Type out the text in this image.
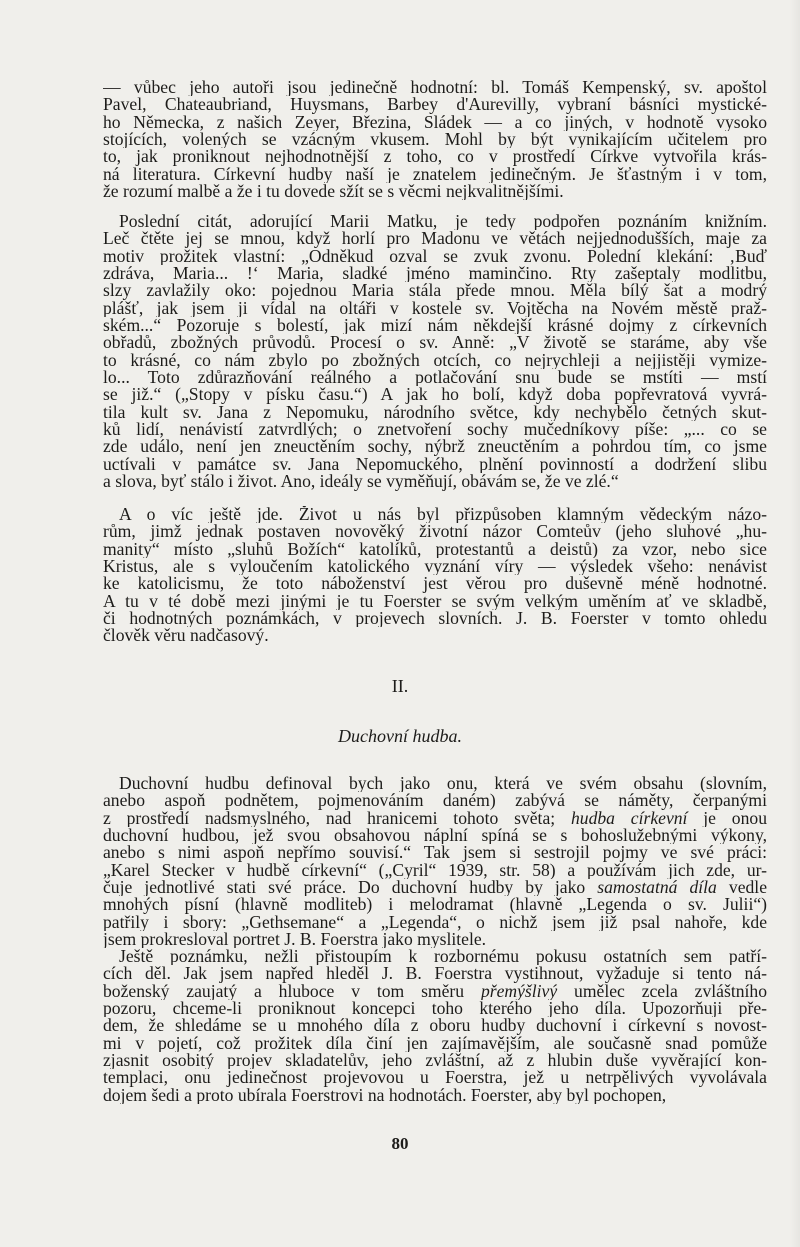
— vůbec jeho autoři jsou jedinečně hodnotní: bl. Tomáš Kempenský, sv. apoštol
Pavel, Chateaubriand, Huysmans, Barbey d'Aurevilly, vybraní básníci mystické-
ho Německa, z našich Zeyer, Březina, Sládek — a co jiných, v hodnotě vysoko
stojících, volených se vzácným vkusem. Mohl by být vynikajícím učitelem pro
to, jak proniknout nejhodnotnější z toho, co v prostředí Církve vytvořila krás-
ná literatura. Církevní hudby naší je znatelem jedinečným. Je šťastným i v tom,
že rozumí malbě a že i tu dovede sžít se s věcmi nejkvalitnějšími.
Poslední citát, adorující Marii Matku, je tedy podpořen poznáním knižním.
Leč čtěte jej se mnou, když horlí pro Madonu ve větách nejjednodušších, maje za
motiv prožitek vlastní: „Odněkud ozval se zvuk zvonu. Polední klekání: ‚Buď
zdráva, Maria... !‘ Maria, sladké jméno maminčino. Rty zašeptaly modlitbu,
slzy zavlažily oko: pojednou Maria stála přede mnou. Měla bílý šat a modrý
plášť, jak jsem ji vídal na oltáři v kostele sv. Vojtěcha na Novém městě praž-
ském...“ Pozoruje s bolestí, jak mizí nám někdejší krásné dojmy z církevních
obřadů, zbožných průvodů. Procesí o sv. Anně: „V životě se staráme, aby vše
to krásné, co nám zbylo po zbožných otcích, co nejrychleji a nejjistěji vymize-
lo... Toto zdůrazňování reálného a potlačování snu bude se mstíti — mstí
se již.“ („Stopy v písku času.“) A jak ho bolí, když doba popřevratová vyvrá-
tila kult sv. Jana z Nepomuku, národního světce, kdy nechybělo četných skut-
ků lidí, nenávistí zatvrdlých; o znetvoření sochy mučedníkovy píše: „... co se
zde událo, není jen zneuctěním sochy, nýbrž zneuctěním a pohrdou tím, co jsme
uctívali v památce sv. Jana Nepomuckého, plnění povinností a dodržení slibu
a slova, byť stálo i život. Ano, ideály se vyměňují, obávám se, že ve zlé.“
A o víc ještě jde. Život u nás byl přizpůsoben klamným vědeckým názo-
rům, jimž jednak postaven novověký životní názor Comteův (jeho sluhové „hu-
manity“ místo „sluhů Božích“ katolíků, protestantů a deistů) za vzor, nebo sice
Kristus, ale s vyloučením katolického vyznání víry — výsledek všeho: nenávist
ke katolicismu, že toto náboženství jest věrou pro duševně méně hodnotné.
A tu v té době mezi jinými je tu Foerster se svým velkým uměním ať ve skladbě,
či hodnotných poznámkách, v projevech slovních. J. B. Foerster v tomto ohledu
člověk věru nadčasový.
II.
Duchovní hudba.
Duchovní hudbu definoval bych jako onu, která ve svém obsahu (slovním,
anebo aspoň podnětem, pojmenováním daném) zabývá se náměty, čerpanými
z prostředí nadsmyslného, nad hranicemi tohoto světa; hudba církevní je onou
duchovní hudbou, jež svou obsahovou náplní spíná se s bohoslužebnými výkony,
anebo s nimi aspoň nepřímo souvisí.“ Tak jsem si sestrojil pojmy ve své práci:
„Karel Stecker v hudbě církevní“ („Cyril“ 1939, str. 58) a používám jich zde, ur-
čuje jednotlivé stati své práce. Do duchovní hudby by jako samostatná díla vedle
mnohých písní (hlavně modliteb) i melodramat (hlavně „Legenda o sv. Julii“)
patřily i sbory: „Gethsemane“ a „Legenda“, o nichž jsem již psal nahoře, kde
jsem prokresloval portret J. B. Foerstra jako myslitele.
Ještě poznámku, nežli přistoupím k rozbornému pokusu ostatních sem patří-
cích děl. Jak jsem napřed hleděl J. B. Foerstra vystihnout, vyžaduje si tento ná-
boženský zaujatý a hluboce v tom směru přemýšlivý umělec zcela zvláštního
pozoru, chceme-li proniknout koncepci toho kterého jeho díla. Upozorňuji pře-
dem, že shledáme se u mnohého díla z oboru hudby duchovní i církevní s novost-
mi v pojetí, což prožitek díla činí jen zajímavějším, ale současně snad pomůže
zjasnit osobitý projev skladatelův, jeho zvláštní, až z hlubin duše vyvěrající kon-
templaci, onu jedinečnost projevovou u Foerstra, jež u netrpělivých vyvolávala
dojem šedi a proto ubírala Foerstrovi na hodnotách. Foerster, aby byl pochopen,
80
